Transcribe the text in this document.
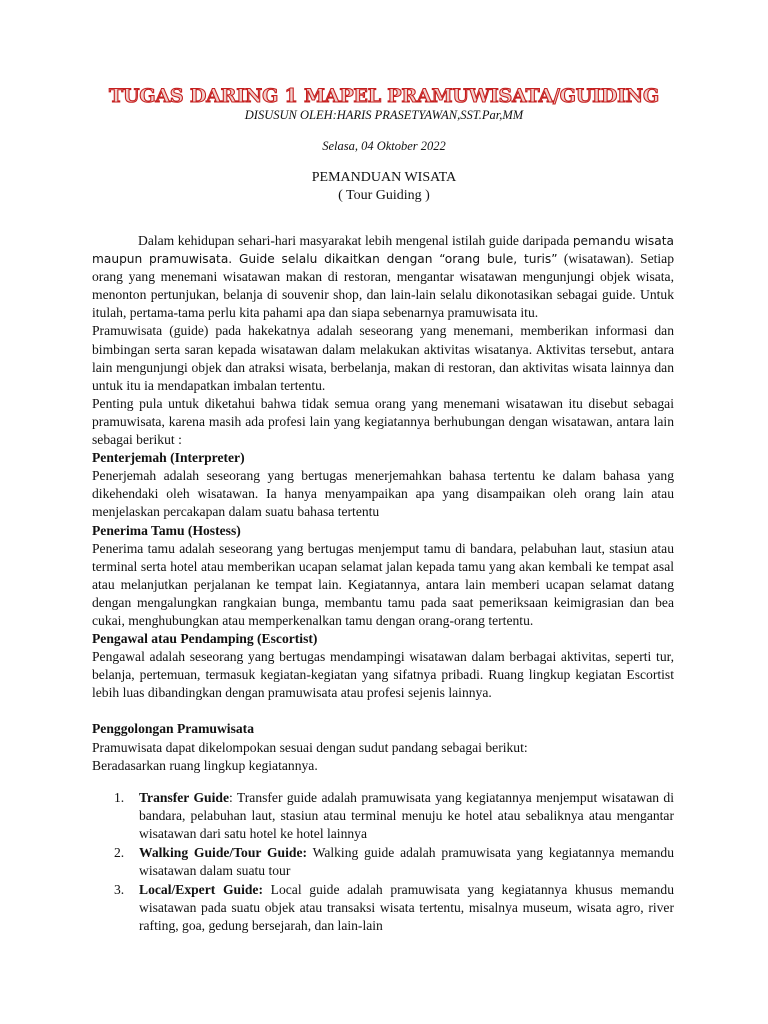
TUGAS DARING 1 MAPEL PRAMUWISATA/GUIDING
DISUSUN OLEH:HARIS PRASETYAWAN,SST.Par,MM
Selasa, 04 Oktober 2022
PEMANDUAN WISATA
( Tour Guiding )

Dalam kehidupan sehari-hari masyarakat lebih mengenal istilah guide daripada pemandu wisata maupun pramuwisata. Guide selalu dikaitkan dengan “orang bule, turis” (wisatawan). Setiap orang yang menemani wisatawan makan di restoran, mengantar wisatawan mengunjungi objek wisata, menonton pertunjukan, belanja di souvenir shop, dan lain-lain selalu dikonotasikan sebagai guide. Untuk itulah, pertama-tama perlu kita pahami apa dan siapa sebenarnya pramuwisata itu.

Pramuwisata (guide) pada hakekatnya adalah seseorang yang menemani, memberikan informasi dan bimbingan serta saran kepada wisatawan dalam melakukan aktivitas wisatanya. Aktivitas tersebut, antara lain mengunjungi objek dan atraksi wisata, berbelanja, makan di restoran, dan aktivitas wisata lainnya dan untuk itu ia mendapatkan imbalan tertentu.

Penting pula untuk diketahui bahwa tidak semua orang yang menemani wisatawan itu disebut sebagai pramuwisata, karena masih ada profesi lain yang kegiatannya berhubungan dengan wisatawan, antara lain sebagai berikut :

Penterjemah (Interpreter)

Penerjemah adalah seseorang yang bertugas menerjemahkan bahasa tertentu ke dalam bahasa yang dikehendaki oleh wisatawan. Ia hanya menyampaikan apa yang disampaikan oleh orang lain atau menjelaskan percakapan dalam suatu bahasa tertentu

Penerima Tamu (Hostess)

Penerima tamu adalah seseorang yang bertugas menjemput tamu di bandara, pelabuhan laut, stasiun atau terminal serta hotel atau memberikan ucapan selamat jalan kepada tamu yang akan kembali ke tempat asal atau melanjutkan perjalanan ke tempat lain. Kegiatannya, antara lain memberi ucapan selamat datang dengan mengalungkan rangkaian bunga, membantu tamu pada saat pemeriksaan keimigrasian dan bea cukai, menghubungkan atau memperkenalkan tamu dengan orang-orang tertentu.

Pengawal atau Pendamping (Escortist)

Pengawal adalah seseorang yang bertugas mendampingi wisatawan dalam berbagai aktivitas, seperti tur, belanja, pertemuan, termasuk kegiatan-kegiatan yang sifatnya pribadi. Ruang lingkup kegiatan Escortist lebih luas dibandingkan dengan pramuwisata atau profesi sejenis lainnya.

Penggolongan Pramuwisata

Pramuwisata dapat dikelompokan sesuai dengan sudut pandang sebagai berikut:

Beradasarkan ruang lingkup kegiatannya.

1. Transfer Guide: Transfer guide adalah pramuwisata yang kegiatannya menjemput wisatawan di bandara, pelabuhan laut, stasiun atau terminal menuju ke hotel atau sebaliknya atau mengantar wisatawan dari satu hotel ke hotel lainnya
2. Walking Guide/Tour Guide: Walking guide adalah pramuwisata yang kegiatannya memandu wisatawan dalam suatu tour
3. Local/Expert Guide: Local guide adalah pramuwisata yang kegiatannya khusus memandu wisatawan pada suatu objek atau transaksi wisata tertentu, misalnya museum, wisata agro, river rafting, goa, gedung bersejarah, dan lain-lain
